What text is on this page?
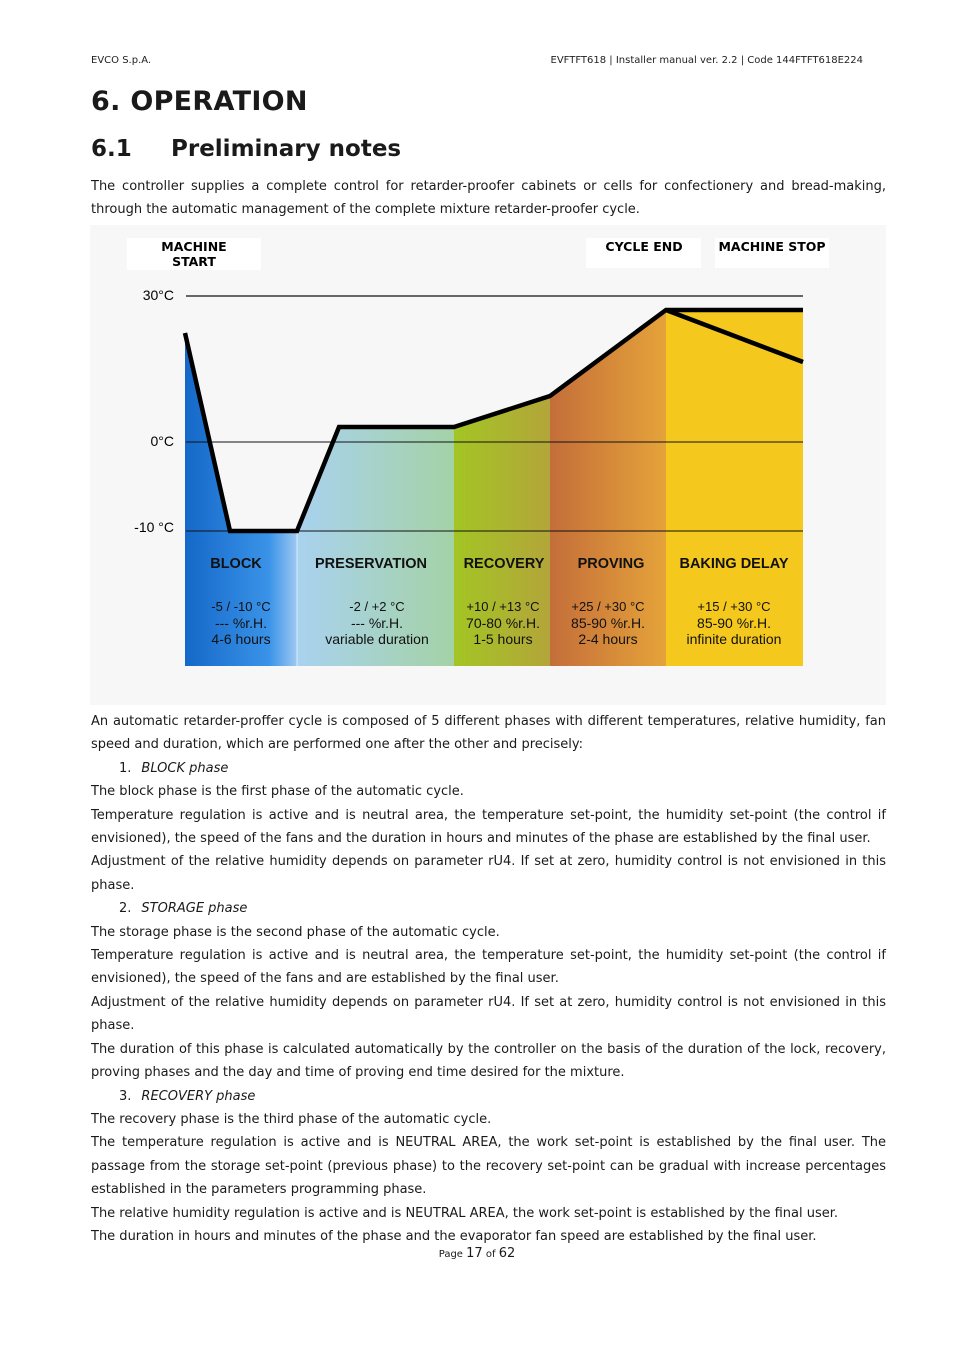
EVCO S.p.A.	EVFTFT618 | Installer manual ver. 2.2 | Code 144FTFT618E224
6. OPERATION
6.1 Preliminary notes
The controller supplies a complete control for retarder-proofer cabinets or cells for confectionery and bread-making, through the automatic management of the complete mixture retarder-proofer cycle.
MACHINE
START
CYCLE END	MACHINE STOP
30°C
0°C
-10 °C
BLOCK
-5 / -10 °C
--- %r.H.
4-6 hours
PRESERVATION
-2 / +2 °C
--- %r.H.
variable duration
RECOVERY
+10 / +13 °C
70-80 %r.H.
1-5 hours
PROVING
+25 / +30 °C
85-90 %r.H.
2-4 hours
BAKING DELAY
+15 / +30 °C
85-90 %r.H.
infinite duration

An automatic retarder-proffer cycle is composed of 5 different phases with different temperatures, relative humidity, fan speed and duration, which are performed one after the other and precisely:

1. BLOCK phase

The block phase is the first phase of the automatic cycle.

Temperature regulation is active and is neutral area, the temperature set-point, the humidity set-point (the control if envisioned), the speed of the fans and the duration in hours and minutes of the phase are established by the final user.

Adjustment of the relative humidity depends on parameter rU4. If set at zero, humidity control is not envisioned in this phase.

2. STORAGE phase

The storage phase is the second phase of the automatic cycle.

Temperature regulation is active and is neutral area, the temperature set-point, the humidity set-point (the control if envisioned), the speed of the fans and are established by the final user.

Adjustment of the relative humidity depends on parameter rU4. If set at zero, humidity control is not envisioned in this phase.

The duration of this phase is calculated automatically by the controller on the basis of the duration of the lock, recovery, proving phases and the day and time of proving end time desired for the mixture.

3. RECOVERY phase

The recovery phase is the third phase of the automatic cycle.

The temperature regulation is active and is NEUTRAL AREA, the work set-point is established by the final user. The passage from the storage set-point (previous phase) to the recovery set-point can be gradual with increase percentages established in the parameters programming phase.

The relative humidity regulation is active and is NEUTRAL AREA, the work set-point is established by the final user.

The duration in hours and minutes of the phase and the evaporator fan speed are established by the final user.

Page 17 of 62
